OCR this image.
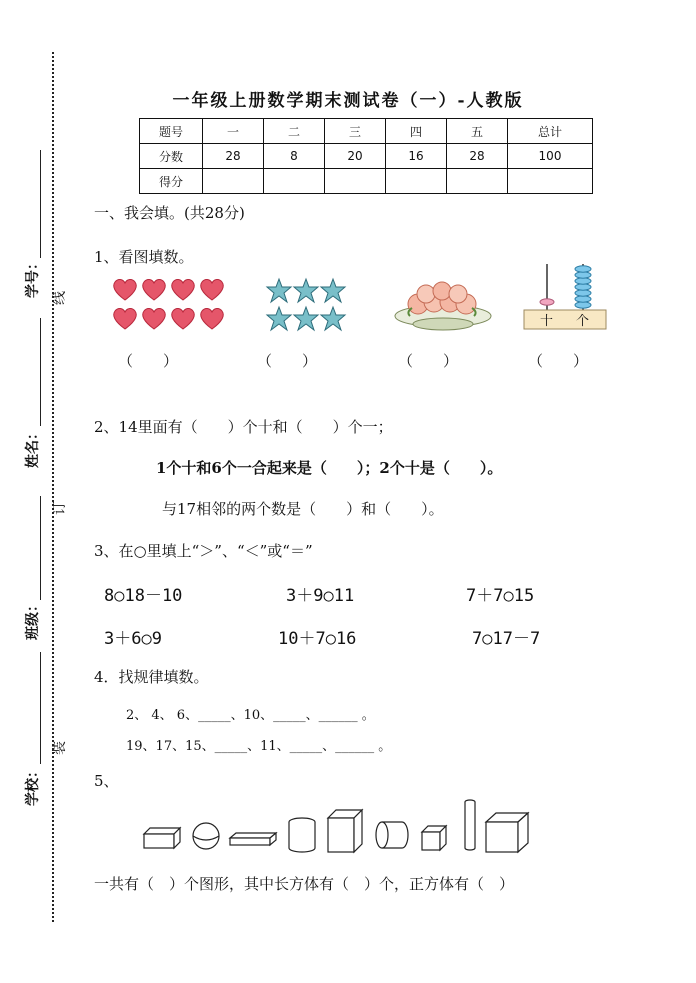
学号： 线
姓名：
订
班级：
学校：
装
一年级上册数学期末测试卷（一）-人教版
题号	一	二	三	四	五	总计
分数	28	8	20	16	28	100
得分						
一、我会填。(共28分)
1、看图填数。
十 个
（　　）	（　　）	（　　）	（　　）
2、14里面有（　　）个十和（　　）个一；
1个十和6个一合起来是（　　）；2个十是（　　）。
与17相邻的两个数是（　　）和（　　）。
3、在○里填上“＞”、“＜”或“＝”
8○18－10	3＋9○11	7＋7○15
3＋6○9	10＋7○16	7○17－7
4．找规律填数。
2、 4、 6、_____、10、_____、______ 。
19、17、15、_____、11、_____、______ 。
5、
一共有（　）个图形，其中长方体有（　）个，正方体有（　）
